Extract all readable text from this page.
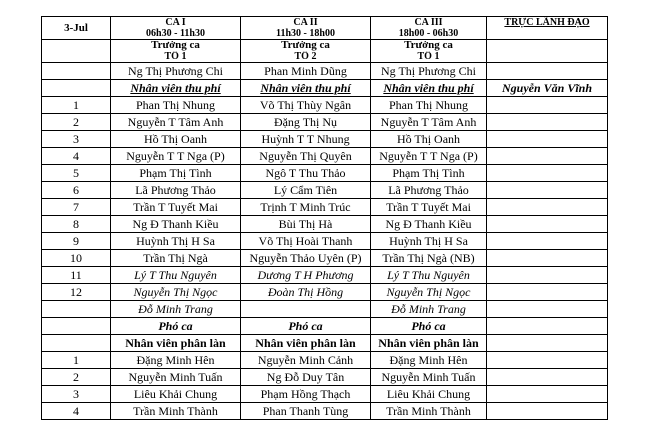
3-Jul	CA I	CA II	CA III	TRỰC LÃNH ĐẠO
	06h30 - 11h30	11h30 - 18h00	18h00 - 06h30	
	Trưởng ca	Trưởng ca	Trưởng ca	
	TỔ 1	TỔ 2	TỔ 1	
	Ng Thị Phương Chi	Phan Minh Dũng	Ng Thị Phương Chi	
	Nhân viên thu phí	Nhân viên thu phí	Nhân viên thu phí	Nguyễn Văn Vĩnh
1	Phan Thị Nhung	Võ Thị Thùy Ngân	Phan Thị Nhung	
2	Nguyễn T Tâm Anh	Đặng Thị Nụ	Nguyễn T Tâm Anh	
3	Hồ Thị Oanh	Huỳnh T T Nhung	Hồ Thị Oanh	
4	Nguyễn T T Nga (P)	Nguyễn Thị Quyên	Nguyễn T T Nga (P)	
5	Phạm Thị Tình	Ngô T Thu Thảo	Phạm Thị Tình	
6	Lã Phương Thảo	Lý Cẩm Tiên	Lã Phương Thảo	
7	Trần T Tuyết Mai	Trịnh T Minh Trúc	Trần T Tuyết Mai	
8	Ng Đ Thanh Kiều	Bùi Thị Hà	Ng Đ Thanh Kiều	
9	Huỳnh Thị H Sa	Võ Thị Hoài Thanh	Huỳnh Thị H Sa	
10	Trần Thị Ngà	Nguyễn Thảo Uyên (P)	Trần Thị Ngà (NB)	
11	Lý T Thu Nguyên	Dương T H Phương	Lý T Thu Nguyên	
12	Nguyễn Thị Ngọc	Đoàn Thị Hồng	Nguyễn Thị Ngọc	
	Đỗ Minh Trang		Đỗ Minh Trang	
	Phó ca	Phó ca	Phó ca	
	Nhân viên phân làn	Nhân viên phân làn	Nhân viên phân làn	
1	Đặng Minh Hên	Nguyễn Minh Cảnh	Đặng Minh Hên	
2	Nguyễn Minh Tuấn	Ng Đỗ Duy Tân	Nguyễn Minh Tuấn	
3	Liêu Khải Chung	Phạm Hồng Thạch	Liêu Khải Chung	
4	Trần Minh Thành	Phan Thanh Tùng	Trần Minh Thành	
